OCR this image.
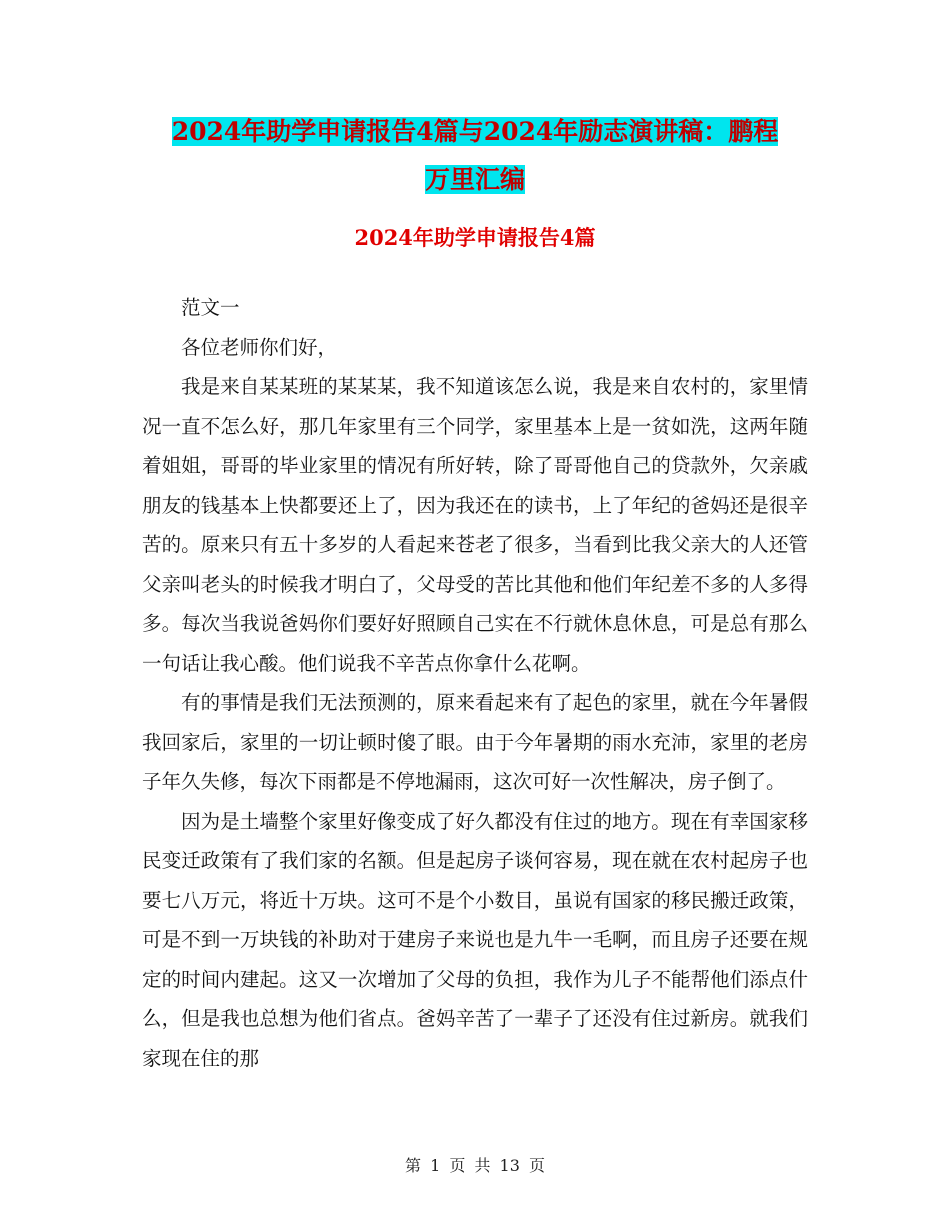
2024年助学申请报告4篇与2024年励志演讲稿：鹏程
万里汇编
2024年助学申请报告4篇

范文一

各位老师你们好，

我是来自某某班的某某某，我不知道该怎么说，我是来自农村的，家里情况一直不怎么好，那几年家里有三个同学，家里基本上是一贫如洗，这两年随着姐姐，哥哥的毕业家里的情况有所好转，除了哥哥他自己的贷款外，欠亲戚朋友的钱基本上快都要还上了，因为我还在的读书，上了年纪的爸妈还是很辛苦的。原来只有五十多岁的人看起来苍老了很多，当看到比我父亲大的人还管父亲叫老头的时候我才明白了，父母受的苦比其他和他们年纪差不多的人多得多。每次当我说爸妈你们要好好照顾自己实在不行就休息休息，可是总有那么一句话让我心酸。他们说我不辛苦点你拿什么花啊。

有的事情是我们无法预测的，原来看起来有了起色的家里，就在今年暑假我回家后，家里的一切让顿时傻了眼。由于今年暑期的雨水充沛，家里的老房子年久失修，每次下雨都是不停地漏雨，这次可好一次性解决，房子倒了。

因为是土墙整个家里好像变成了好久都没有住过的地方。现在有幸国家移民变迁政策有了我们家的名额。但是起房子谈何容易，现在就在农村起房子也要七八万元，将近十万块。这可不是个小数目，虽说有国家的移民搬迁政策，可是不到一万块钱的补助对于建房子来说也是九牛一毛啊，而且房子还要在规定的时间内建起。这又一次增加了父母的负担，我作为儿子不能帮他们添点什么，但是我也总想为他们省点。爸妈辛苦了一辈子了还没有住过新房。就我们家现在住的那

第 1 页 共 13 页
